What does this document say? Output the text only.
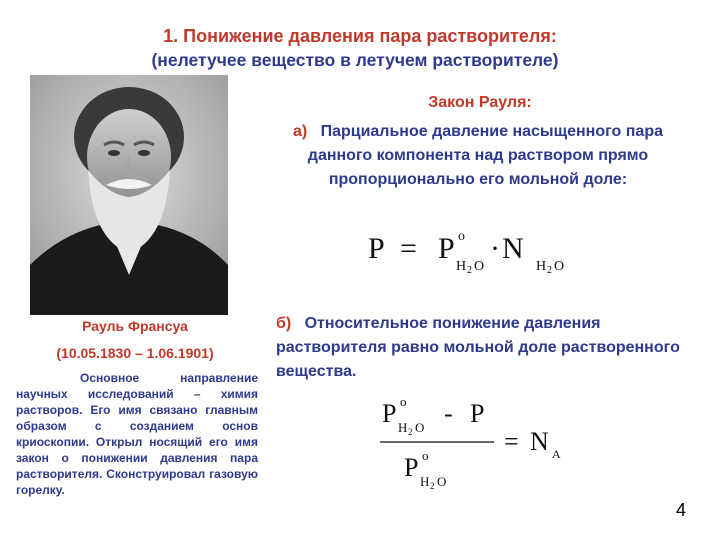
1. Понижение давления пара растворителя:
(нелетучее вещество в летучем растворителе)
Рауль Франсуа
(10.05.1830 – 1.06.1901)
Основное направление научных исследований – химия растворов. Его имя связано главным образом с созданием основ криоскопии. Открыл носящий его имя закон о понижении давления пара растворителя. Сконструировал газовую горелку.
Закон Рауля:
а) Парциальное давление насыщенного пара данного компонента над раствором прямо пропорционально его мольной доле:
P = P o
H 2 O
· N
H 2 O
б) Относительное понижение давления растворителя равно мольной доле растворенного вещества.
P o
H 2 O - P
P o
H 2 O
= N A
4
